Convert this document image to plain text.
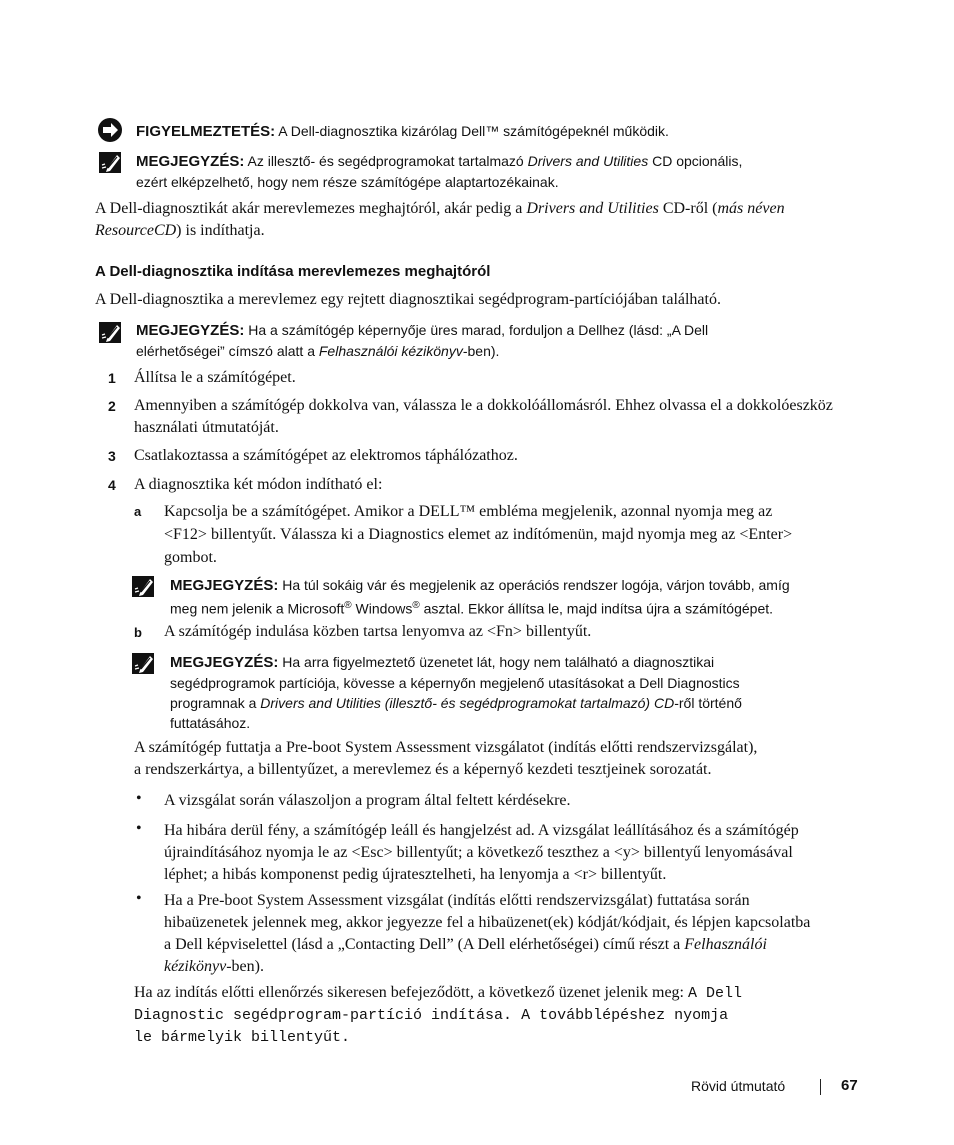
FIGYELMEZTETÉS: A Dell-diagnosztika kizárólag Dell™ számítógépeknél működik.
MEGJEGYZÉS: Az illesztő- és segédprogramokat tartalmazó Drivers and Utilities CD opcionális,
ezért elképzelhető, hogy nem része számítógépe alaptartozékainak.
A Dell-diagnosztikát akár merevlemezes meghajtóról, akár pedig a Drivers and Utilities CD-ről (más néven
ResourceCD) is indíthatja.
A Dell-diagnosztika indítása merevlemezes meghajtóról
A Dell-diagnosztika a merevlemez egy rejtett diagnosztikai segédprogram-partíciójában található.
MEGJEGYZÉS: Ha a számítógép képernyője üres marad, forduljon a Dellhez (lásd: „A Dell
elérhetőségei” címszó alatt a Felhasználói kézikönyv-ben).
1 Állítsa le a számítógépet.
2 Amennyiben a számítógép dokkolva van, válassza le a dokkolóállomásról. Ehhez olvassa el a dokkolóeszköz
használati útmutatóját.
3 Csatlakoztassa a számítógépet az elektromos táphálózathoz.
4 A diagnosztika két módon indítható el:
a Kapcsolja be a számítógépet. Amikor a DELL™ embléma megjelenik, azonnal nyomja meg az
<F12> billentyűt. Válassza ki a Diagnostics elemet az indítómenün, majd nyomja meg az <Enter>
gombot.
MEGJEGYZÉS: Ha túl sokáig vár és megjelenik az operációs rendszer logója, várjon tovább, amíg
meg nem jelenik a Microsoft® Windows® asztal. Ekkor állítsa le, majd indítsa újra a számítógépet.
b A számítógép indulása közben tartsa lenyomva az <Fn> billentyűt.
MEGJEGYZÉS: Ha arra figyelmeztető üzenetet lát, hogy nem található a diagnosztikai
segédprogramok partíciója, kövesse a képernyőn megjelenő utasításokat a Dell Diagnostics
programnak a Drivers and Utilities (illesztő- és segédprogramokat tartalmazó) CD-ről történő
futtatásához.
A számítógép futtatja a Pre-boot System Assessment vizsgálatot (indítás előtti rendszervizsgálat),
a rendszerkártya, a billentyűzet, a merevlemez és a képernyő kezdeti tesztjeinek sorozatát.
• A vizsgálat során válaszoljon a program által feltett kérdésekre.
• Ha hibára derül fény, a számítógép leáll és hangjelzést ad. A vizsgálat leállításához és a számítógép
újraindításához nyomja le az <Esc> billentyűt; a következő teszthez a <y> billentyű lenyomásával
léphet; a hibás komponenst pedig újratesztelheti, ha lenyomja a <r> billentyűt.
• Ha a Pre-boot System Assessment vizsgálat (indítás előtti rendszervizsgálat) futtatása során
hibaüzenetek jelennek meg, akkor jegyezze fel a hibaüzenet(ek) kódját/kódjait, és lépjen kapcsolatba
a Dell képviselettel (lásd a „Contacting Dell” (A Dell elérhetőségei) című részt a Felhasználói
kézikönyv-ben).
Ha az indítás előtti ellenőrzés sikeresen befejeződött, a következő üzenet jelenik meg: A Dell
Diagnostic segédprogram-partíció indítása. A továbblépéshez nyomja
le bármelyik billentyűt.
Rövid útmutató	67
